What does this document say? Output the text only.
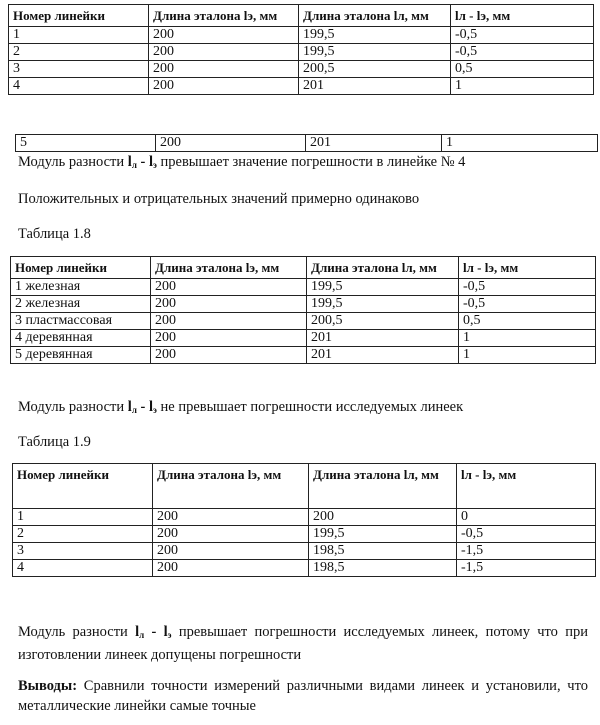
Номер линейки	Длина эталона lэ, мм	Длина эталона lл, мм	lл - lэ, мм
1	200	199,5	-0,5
2	200	199,5	-0,5
3	200	200,5	0,5
4	200	201	1
5	200	201	1
Модуль разности $l_л - l_э$ превышает значение погрешности в линейке № 4
Положительных и отрицательных значений примерно одинаково
Таблица 1.8
Номер линейки	Длина эталона lэ, мм	Длина эталона lл, мм	lл - lэ, мм
1 железная	200	199,5	-0,5
2 железная	200	199,5	-0,5
3 пластмассовая	200	200,5	0,5
4 деревянная	200	201	1
5 деревянная	200	201	1
Модуль разности $l_л - l_э$ не превышает погрешности исследуемых линеек
Таблица 1.9
Номер линейки	Длина эталона lэ, мм	Длина эталона lл, мм	lл - lэ, мм
1	200	200	0
2	200	199,5	-0,5
3	200	198,5	-1,5
4	200	198,5	-1,5
Модуль разности $l_л - l_э$ превышает погрешности исследуемых линеек, потому что при изготовлении линеек допущены погрешности
Выводы: Сравнили точности измерений различными видами линеек и установили, что металлические линейки самые точные
